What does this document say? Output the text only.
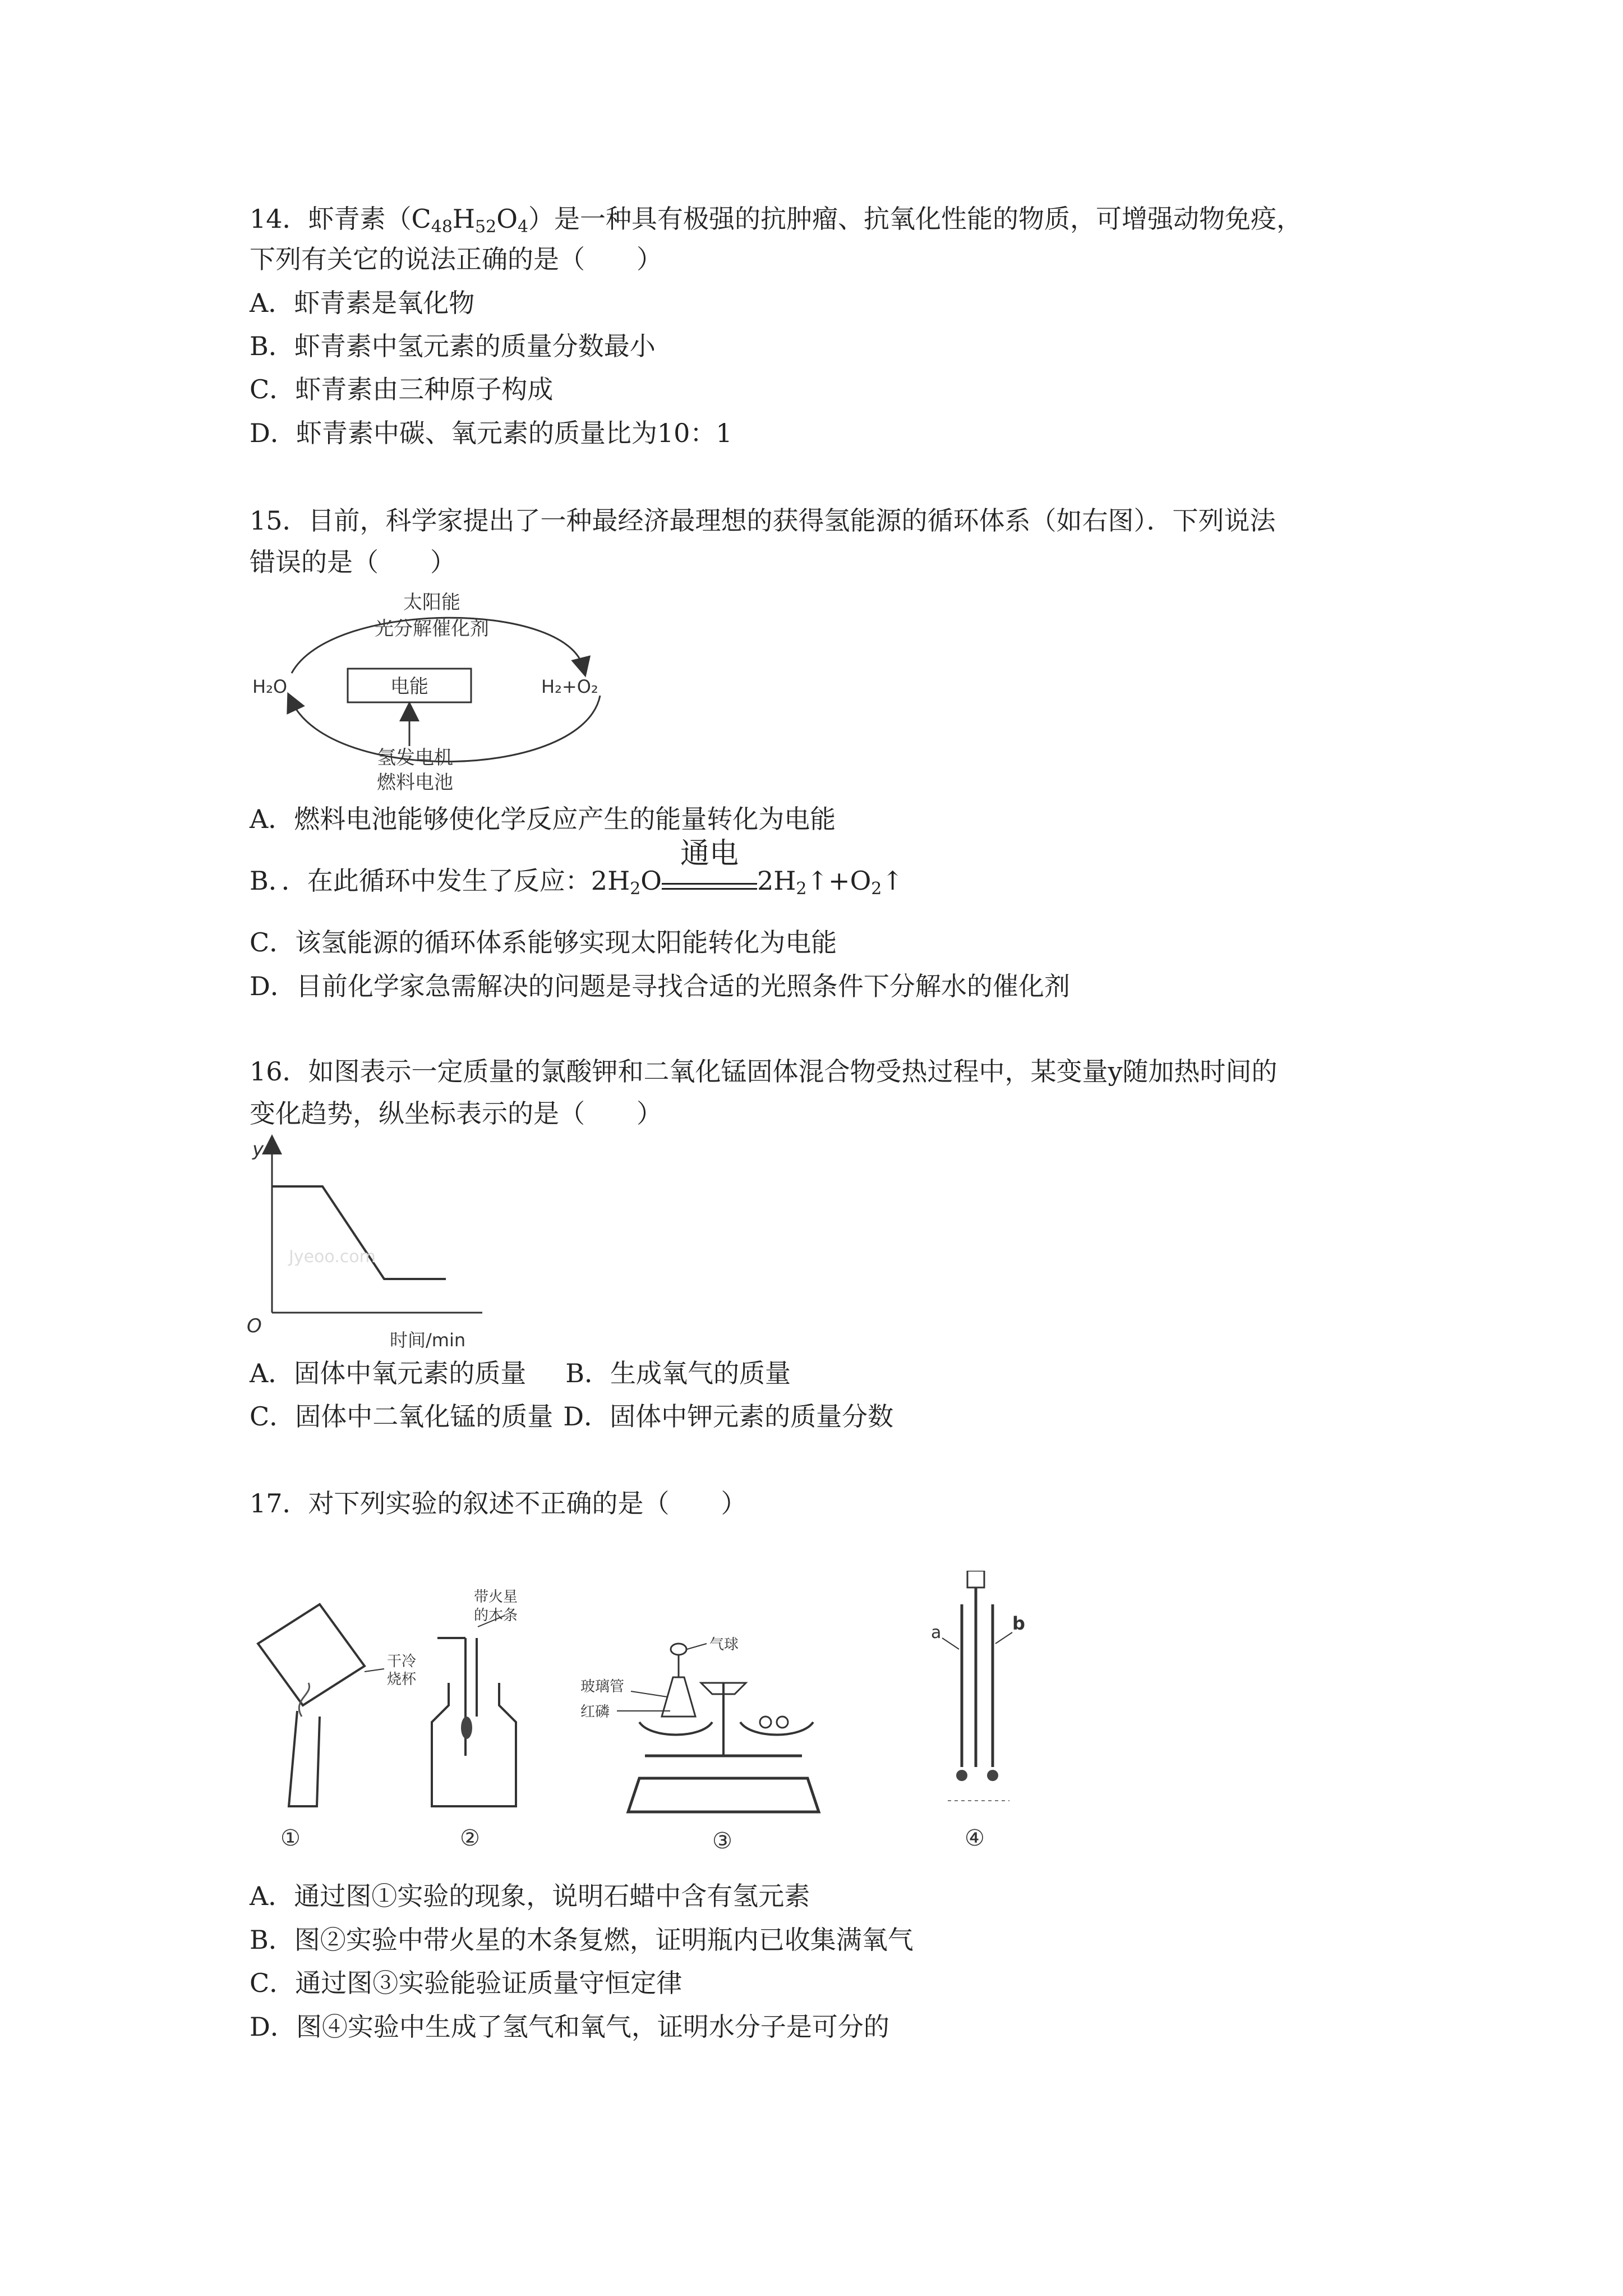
14．虾青素$(C_{48}H_{52}O_4)$是一种具有极强的抗肿瘤、抗氧化性能的物质，可增强动物免疫，
下列有关它的说法正确的是（　　）
A．虾青素是氧化物
B．虾青素中氢元素的质量分数最小
C．虾青素由三种原子构成
D．虾青素中碳、氧元素的质量比为10：1
15．目前，科学家提出了一种最经济最理想的获得氢能源的循环体系（如右图）．下列说法
错误的是（　　）
太阳能
光分解催化剂
H₂O	H₂+O₂
电能
氢发电机
燃料电池
A．燃料电池能够使化学反应产生的能量转化为电能
B．．在此循环中发生了反应：$2H_2O$
通电
$2H_2↑+O_2↑$
C．该氢能源的循环体系能够实现太阳能转化为电能
D．目前化学家急需解决的问题是寻找合适的光照条件下分解水的催化剂
16．如图表示一定质量的氯酸钾和二氧化锰固体混合物受热过程中，某变量y随加热时间的
变化趋势，纵坐标表示的是（　　）
y
O
时间/min
Jyeoo.com
A．固体中氧元素的质量 B．生成氧气的质量
C．固体中二氧化锰的质量 D．固体中钾元素的质量分数
17．对下列实验的叙述不正确的是（　　）
干冷
烧杯
①
带火星
的木条
②
气球
玻璃管
红磷
③
a	b
④
A．通过图①实验的现象，说明石蜡中含有氢元素
B．图②实验中带火星的木条复燃，证明瓶内已收集满氧气
C．通过图③实验能验证质量守恒定律
D．图④实验中生成了氢气和氧气，证明水分子是可分的
